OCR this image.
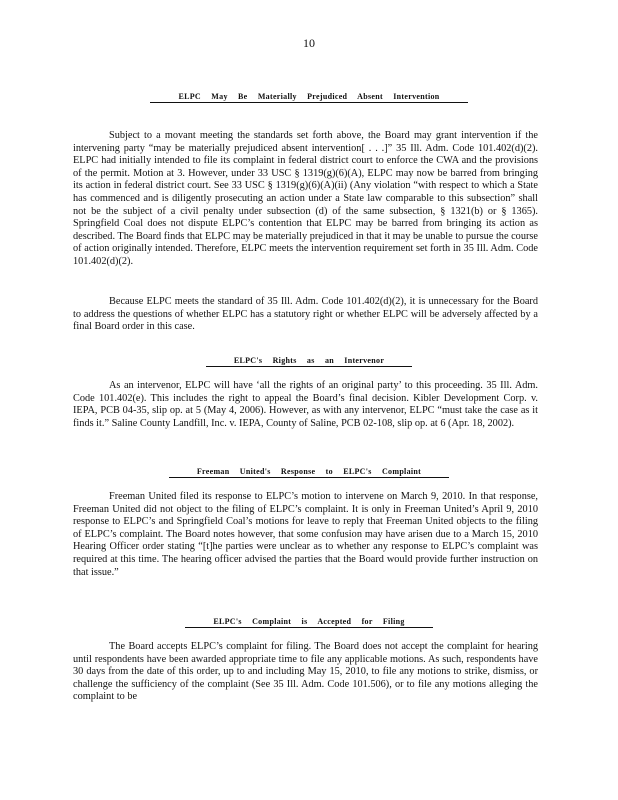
10
ELPC May Be Materially Prejudiced Absent Intervention

Subject to a movant meeting the standards set forth above, the Board may grant intervention if the intervening party “may be materially prejudiced absent intervention[ . . .]” 35 Ill. Adm. Code 101.402(d)(2). ELPC had initially intended to file its complaint in federal district court to enforce the CWA and the provisions of the permit. Motion at 3. However, under 33 USC § 1319(g)(6)(A), ELPC may now be barred from bringing its action in federal district court. See 33 USC § 1319(g)(6)(A)(ii) (Any violation “with respect to which a State has commenced and is diligently prosecuting an action under a State law comparable to this subsection” shall not be the subject of a civil penalty under subsection (d) of the same subsection, § 1321(b) or § 1365). Springfield Coal does not dispute ELPC’s contention that ELPC may be barred from bringing its action as described. The Board finds that ELPC may be materially prejudiced in that it may be unable to pursue the course of action originally intended. Therefore, ELPC meets the intervention requirement set forth in 35 Ill. Adm. Code 101.402(d)(2).

Because ELPC meets the standard of 35 Ill. Adm. Code 101.402(d)(2), it is unnecessary for the Board to address the questions of whether ELPC has a statutory right or whether ELPC will be adversely affected by a final Board order in this case.

ELPC's Rights as an Intervenor

As an intervenor, ELPC will have ‘all the rights of an original party’ to this proceeding. 35 Ill. Adm. Code 101.402(e). This includes the right to appeal the Board’s final decision. Kibler Development Corp. v. IEPA, PCB 04-35, slip op. at 5 (May 4, 2006). However, as with any intervenor, ELPC “must take the case as it finds it.” Saline County Landfill, Inc. v. IEPA, County of Saline, PCB 02-108, slip op. at 6 (Apr. 18, 2002).

Freeman United's Response to ELPC's Complaint

Freeman United filed its response to ELPC’s motion to intervene on March 9, 2010. In that response, Freeman United did not object to the filing of ELPC’s complaint. It is only in Freeman United’s April 9, 2010 response to ELPC’s and Springfield Coal’s motions for leave to reply that Freeman United objects to the filing of ELPC’s complaint. The Board notes however, that some confusion may have arisen due to a March 15, 2010 Hearing Officer order stating “[t]he parties were unclear as to whether any response to ELPC’s complaint was required at this time. The hearing officer advised the parties that the Board would provide further instruction on that issue.”

ELPC's Complaint is Accepted for Filing

The Board accepts ELPC’s complaint for filing. The Board does not accept the complaint for hearing until respondents have been awarded appropriate time to file any applicable motions. As such, respondents have 30 days from the date of this order, up to and including May 15, 2010, to file any motions to strike, dismiss, or challenge the sufficiency of the complaint (See 35 Ill. Adm. Code 101.506), or to file any motions alleging the complaint to be
